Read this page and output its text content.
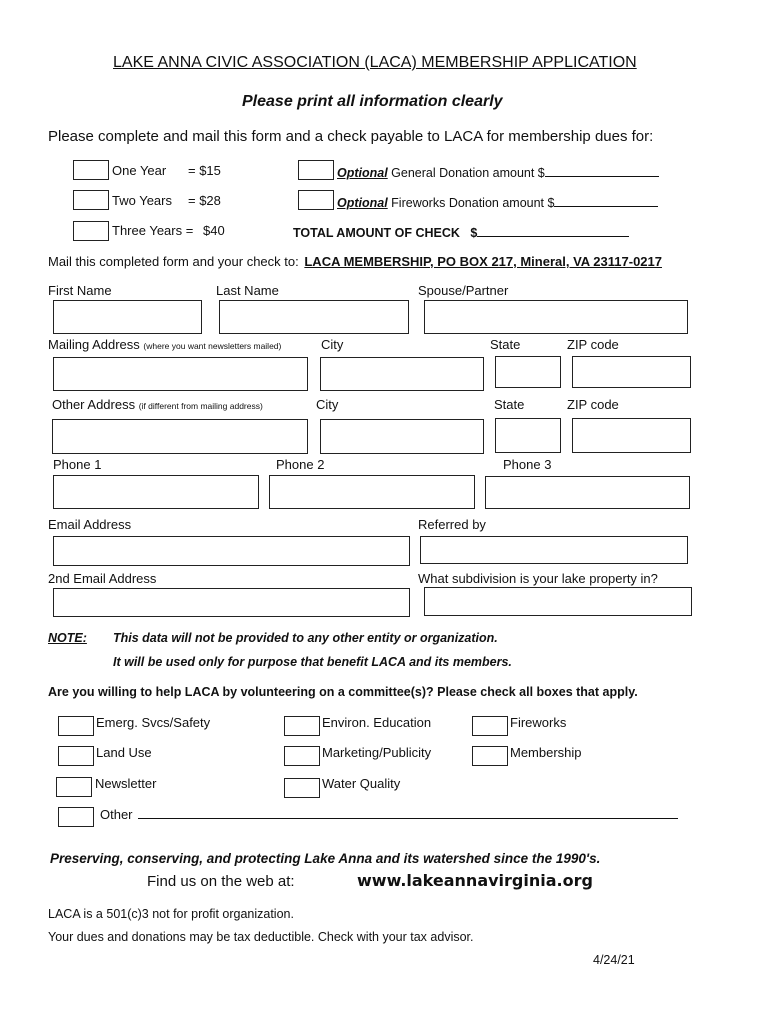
LAKE ANNA CIVIC ASSOCIATION (LACA) MEMBERSHIP APPLICATION
Please print all information clearly
Please complete and mail this form and a check payable to LACA for membership dues for:
One Year = $15
Two Years = $28
Three Years = $40
Optional General Donation amount $
Optional Fireworks Donation amount $
TOTAL AMOUNT OF CHECK $
Mail this completed form and your check to: LACA MEMBERSHIP, PO BOX 217, Mineral, VA 23117-0217
First Name	Last Name	Spouse/Partner
Mailing Address (where you want newsletters mailed)	City	State	ZIP code
Other Address (if different from mailing address)	City	State	ZIP code
Phone 1	Phone 2	Phone 3
Email Address	Referred by
2nd Email Address	What subdivision is your lake property in?
NOTE: This data will not be provided to any other entity or organization.
It will be used only for purpose that benefit LACA and its members.
Are you willing to help LACA by volunteering on a committee(s)? Please check all boxes that apply.
Emerg. Svcs/Safety	Environ. Education	Fireworks
Land Use	Marketing/Publicity	Membership
Newsletter	Water Quality
Other
Preserving, conserving, and protecting Lake Anna and its watershed since the 1990's.
Find us on the web at:	www.lakeannavirginia.org
LACA is a 501(c)3 not for profit organization.
Your dues and donations may be tax deductible. Check with your tax advisor.
4/24/21
